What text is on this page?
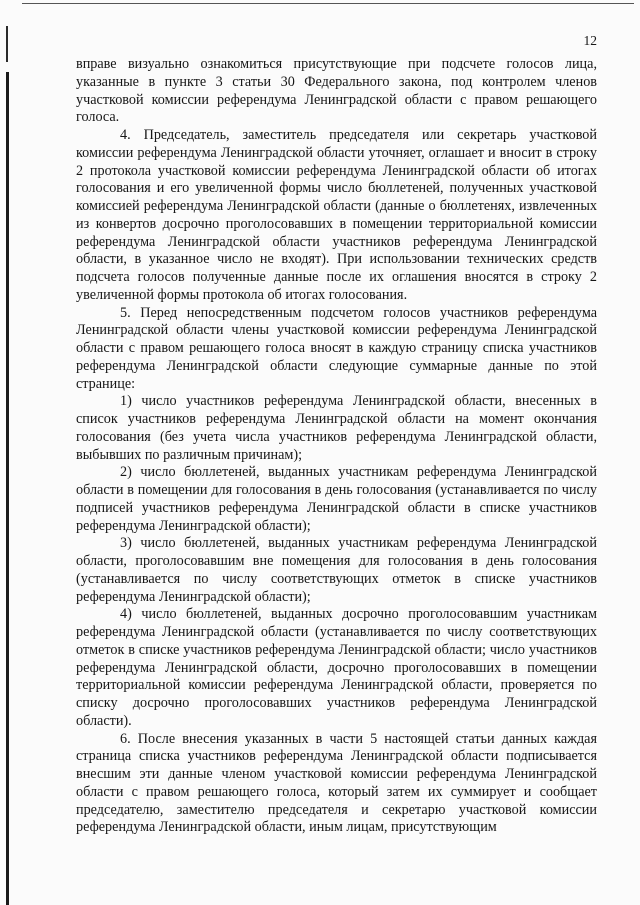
12

вправе визуально ознакомиться присутствующие при подсчете голосов лица, указанные в пункте 3 статьи 30 Федерального закона, под контролем членов участковой комиссии референдума Ленинградской области с правом решающего голоса.

4. Председатель, заместитель председателя или секретарь участковой комиссии референдума Ленинградской области уточняет, оглашает и вносит в строку 2 протокола участковой комиссии референдума Ленинградской области об итогах голосования и его увеличенной формы число бюллетеней, полученных участковой комиссией референдума Ленинградской области (данные о бюллетенях, извлеченных из конвертов досрочно проголосовавших в помещении территориальной комиссии референдума Ленинградской области участников референдума Ленинградской области, в указанное число не входят). При использовании технических средств подсчета голосов полученные данные после их оглашения вносятся в строку 2 увеличенной формы протокола об итогах голосования.

5. Перед непосредственным подсчетом голосов участников референдума Ленинградской области члены участковой комиссии референдума Ленинградской области с правом решающего голоса вносят в каждую страницу списка участников референдума Ленинградской области следующие суммарные данные по этой странице:

1) число участников референдума Ленинградской области, внесенных в список участников референдума Ленинградской области на момент окончания голосования (без учета числа участников референдума Ленинградской области, выбывших по различным причинам);

2) число бюллетеней, выданных участникам референдума Ленинградской области в помещении для голосования в день голосования (устанавливается по числу подписей участников референдума Ленинградской области в списке участников референдума Ленинградской области);

3) число бюллетеней, выданных участникам референдума Ленинградской области, проголосовавшим вне помещения для голосования в день голосования (устанавливается по числу соответствующих отметок в списке участников референдума Ленинградской области);

4) число бюллетеней, выданных досрочно проголосовавшим участникам референдума Ленинградской области (устанавливается по числу соответствующих отметок в списке участников референдума Ленинградской области; число участников референдума Ленинградской области, досрочно проголосовавших в помещении территориальной комиссии референдума Ленинградской области, проверяется по списку досрочно проголосовавших участников референдума Ленинградской области).

6. После внесения указанных в части 5 настоящей статьи данных каждая страница списка участников референдума Ленинградской области подписывается внесшим эти данные членом участковой комиссии референдума Ленинградской области с правом решающего голоса, который затем их суммирует и сообщает председателю, заместителю председателя и секретарю участковой комиссии референдума Ленинградской области, иным лицам, присутствующим
